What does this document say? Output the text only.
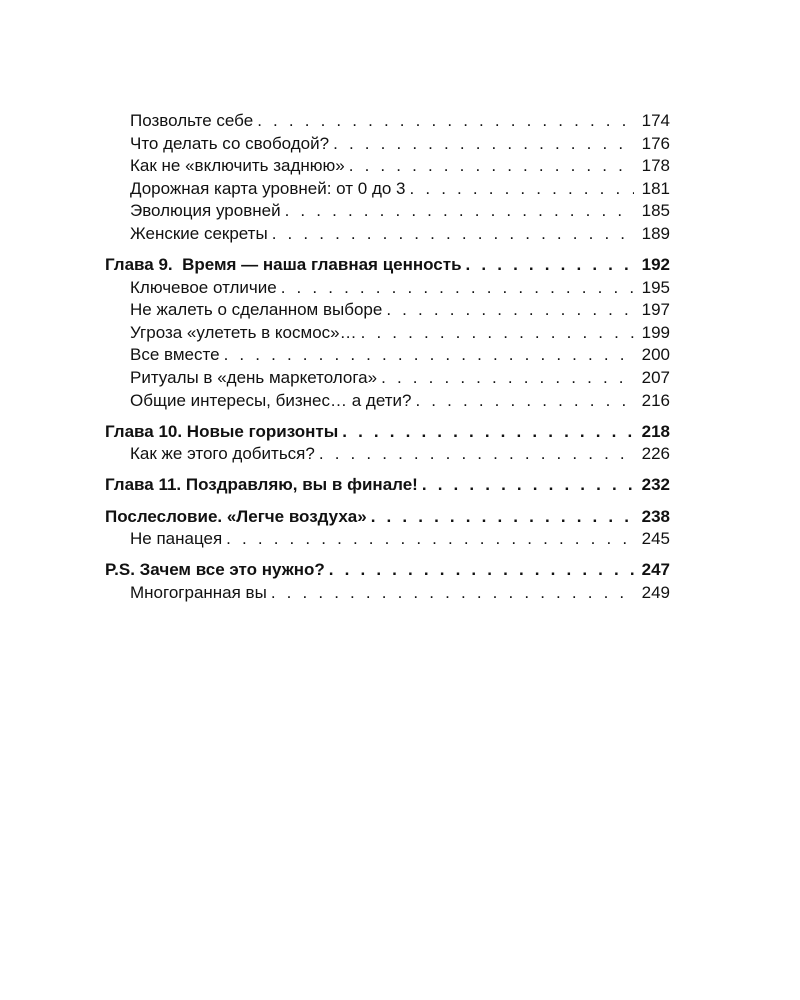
Позвольте себе . . .	174
Что делать со свободой? . . .	176
Как не «включить заднюю» . . .	178
Дорожная карта уровней: от 0 до 3 . . .	181
Эволюция уровней . . .	185
Женские секреты . . .	189
Глава 9.  Время — наша главная ценность . . .	192
Ключевое отличие . . .	195
Не жалеть о сделанном выборе . . .	197
Угроза «улететь в космос»… . . .	199
Все вместе . . .	200
Ритуалы в «день маркетолога» . . .	207
Общие интересы, бизнес… а дети? . . .	216
Глава 10. Новые горизонты . . .	218
Как же этого добиться? . . .	226
Глава 11. Поздравляю, вы в финале! . . .	232
Послесловие. «Легче воздуха» . . .	238
Не панацея . . .	245
P.S. Зачем все это нужно? . . .	247
Многогранная вы . . .	249
